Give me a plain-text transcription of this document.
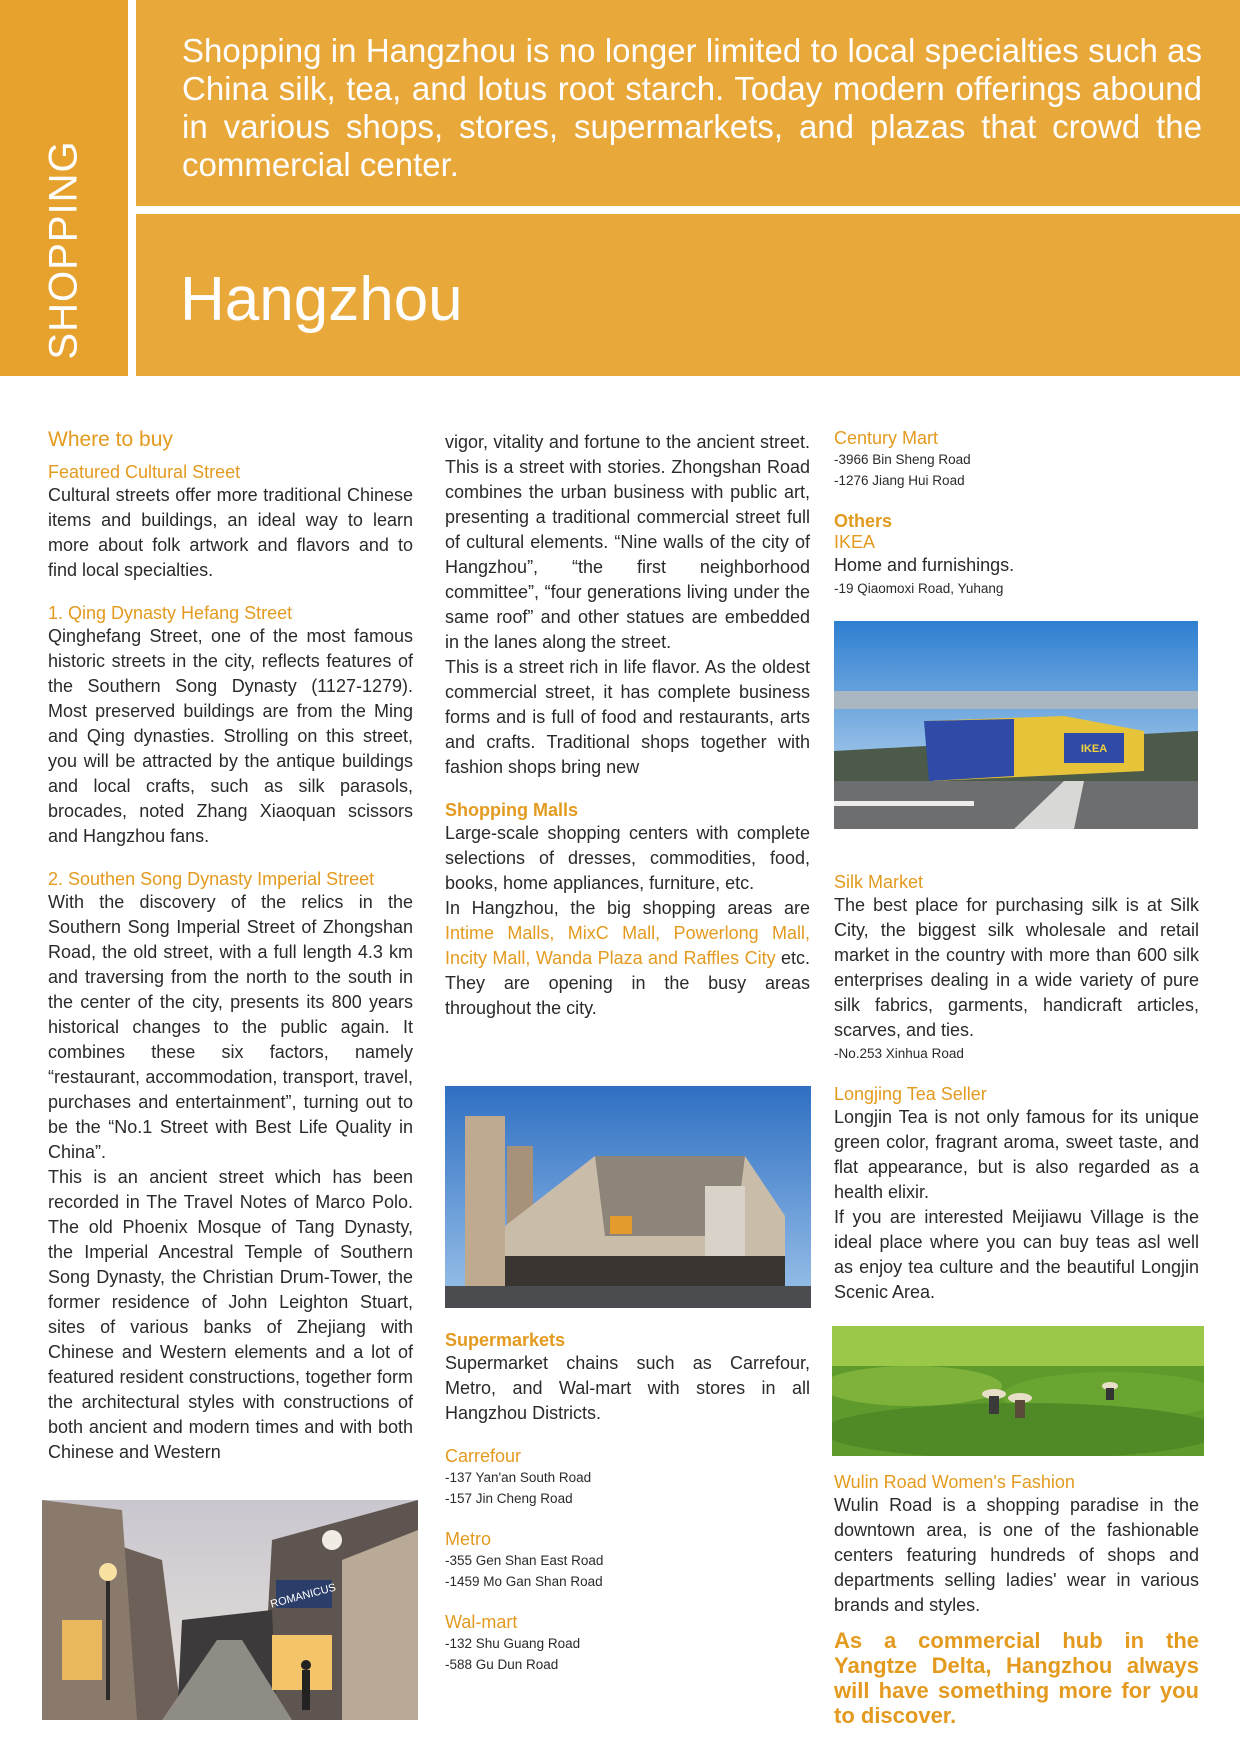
SHOPPING

Shopping in Hangzhou is no longer limited to local specialties such as China silk, tea, and lotus root starch. Today modern offerings abound in various shops, stores, supermarkets, and plazas that crowd the commercial center.

Hangzhou

Where to buy

Featured Cultural Street

Cultural streets offer more traditional Chinese items and buildings, an ideal way to learn more about folk artwork and flavors and to find local specialties.

1. Qing Dynasty Hefang Street

Qinghefang Street, one of the most famous historic streets in the city, reflects features of the Southern Song Dynasty (1127-1279). Most preserved buildings are from the Ming and Qing dynasties. Strolling on this street, you will be attracted by the antique buildings and local crafts, such as silk parasols, brocades, noted Zhang Xiaoquan scissors and Hangzhou fans.

2. Southen Song Dynasty Imperial Street

With the discovery of the relics in the Southern Song Imperial Street of Zhongshan Road, the old street, with a full length 4.3 km and traversing from the north to the south in the center of the city, presents its 800 years historical changes to the public again. It combines these six factors, namely “restaurant, accommodation, transport, travel, purchases and entertainment”, turning out to be the “No.1 Street with Best Life Quality in China”.

This is an ancient street which has been recorded in The Travel Notes of Marco Polo. The old Phoenix Mosque of Tang Dynasty, the Imperial Ancestral Temple of Southern Song Dynasty, the Christian Drum-Tower, the former residence of John Leighton Stuart, sites of various banks of Zhejiang with Chinese and Western elements and a lot of featured resident constructions, together form the architectural styles with constructions of both ancient and modern times and with both Chinese and Western

ROMANICUS

vigor, vitality and fortune to the ancient street. This is a street with stories. Zhongshan Road combines the urban business with public art, presenting a traditional commercial street full of cultural elements. “Nine walls of the city of Hangzhou”, “the first neighborhood committee”, “four generations living under the same roof” and other statues are embedded in the lanes along the street.

This is a street rich in life flavor. As the oldest commercial street, it has complete business forms and is full of food and restaurants, arts and crafts. Traditional shops together with fashion shops bring new

Shopping Malls

Large-scale shopping centers with complete selections of dresses, commodities, food, books, home appliances, furniture, etc.

In Hangzhou, the big shopping areas are Intime Malls, MixC Mall, Powerlong Mall, Incity Mall, Wanda Plaza and Raffles City etc. They are opening in the busy areas throughout the city.

Supermarkets

Supermarket chains such as Carrefour, Metro, and Wal-mart with stores in all Hangzhou Districts.

Carrefour

-137 Yan'an South Road

-157 Jin Cheng Road

Metro

-355 Gen Shan East Road

-1459 Mo Gan Shan Road

Wal-mart

-132 Shu Guang Road

-588 Gu Dun Road

Century Mart

-3966 Bin Sheng Road

-1276 Jiang Hui Road

Others

IKEA

Home and furnishings.

-19 Qiaomoxi Road, Yuhang

IKEA

Silk Market

The best place for purchasing silk is at Silk City, the biggest silk wholesale and retail market in the country with more than 600 silk enterprises dealing in a wide variety of pure silk fabrics, garments, handicraft articles, scarves, and ties.

-No.253 Xinhua Road

Longjing Tea Seller

Longjin Tea is not only famous for its unique green color, fragrant aroma, sweet taste, and flat appearance, but is also regarded as a health elixir.

If you are interested Meijiawu Village is the ideal place where you can buy teas asl well as enjoy tea culture and the beautiful Longjin Scenic Area.

Wulin Road Women's Fashion

Wulin Road is a shopping paradise in the downtown area, is one of the fashionable centers featuring hundreds of shops and departments selling ladies' wear in various brands and styles.

As a commercial hub in the Yangtze Delta, Hangzhou always will have something more for you to discover.
